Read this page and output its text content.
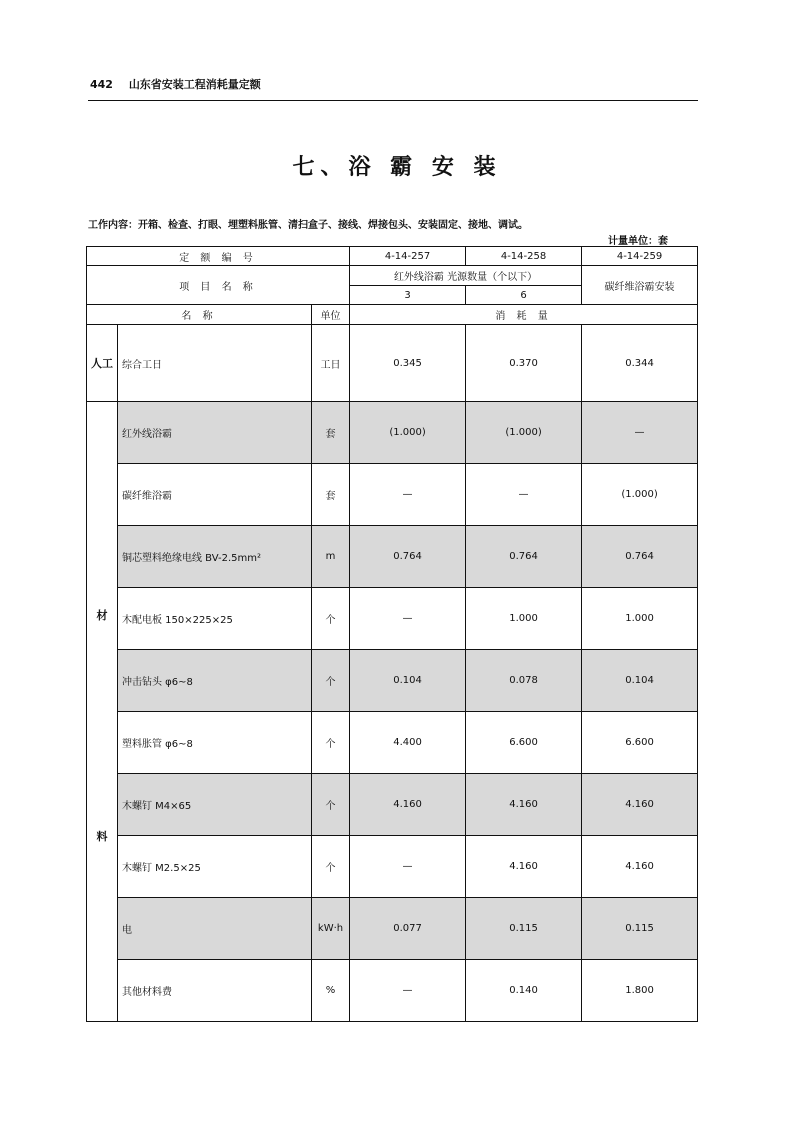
442 山东省安装工程消耗量定额
七、浴 霸 安 装
工作内容：开箱、检查、打眼、埋塑料胀管、清扫盒子、接线、焊接包头、安装固定、接地、调试。
计量单位：套
定 额 编 号			4-14-257	4-14-258	4-14-259
项 目 名 称			红外线浴霸 光源数量（个以下）		碳纤维浴霸安装
			3	6	
名 称		单位	消 耗 量		
人工	综合工日	工日	0.345	0.370	0.344

材
料	红外线浴霸	套	(1.000)	(1.000)	—
	碳纤维浴霸	套	—	—	(1.000)
	铜芯塑料绝缘电线 BV-2.5mm²	m	0.764	0.764	0.764
	木配电板 150×225×25	个	—	1.000	1.000
	冲击钻头 φ6~8	个	0.104	0.078	0.104
	塑料胀管 φ6~8	个	4.400	6.600	6.600
	木螺钉 M4×65	个	4.160	4.160	4.160
	木螺钉 M2.5×25	个	—	4.160	4.160
	电	kW·h	0.077	0.115	0.115
	其他材料费	%	—	0.140	1.800
